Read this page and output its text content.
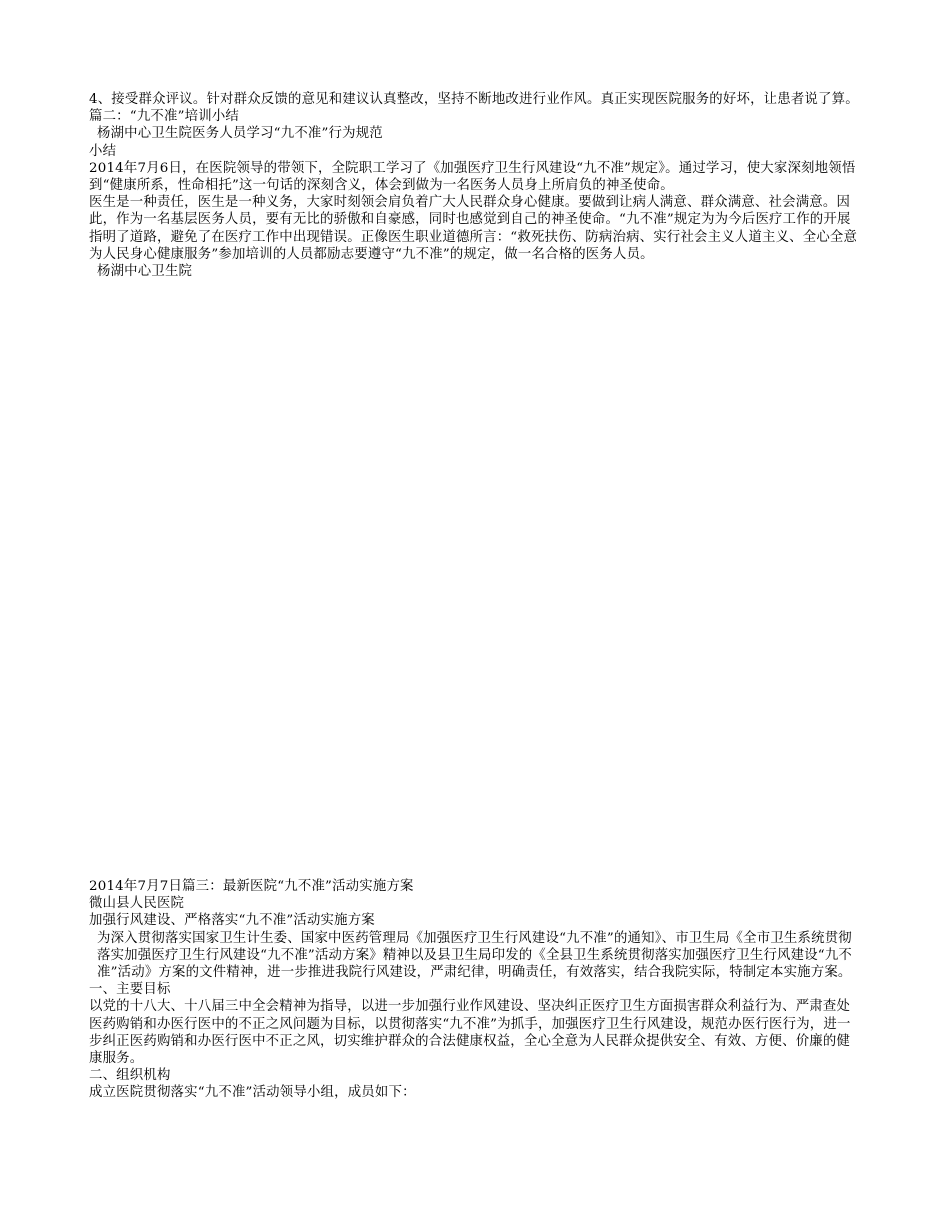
4、接受群众评议。针对群众反馈的意见和建议认真整改，坚持不断地改进行业作风。真正实现医院服务的好坏，让患者说了算。篇二：“九不准”培训小结

杨湖中心卫生院医务人员学习“九不准”行为规范

小结

2014年7月6日，在医院领导的带领下，全院职工学习了《加强医疗卫生行风建设“九不准”规定》。通过学习，使大家深刻地领悟到“健康所系，性命相托”这一句话的深刻含义，体会到做为一名医务人员身上所肩负的神圣使命。

医生是一种责任，医生是一种义务，大家时刻领会肩负着广大人民群众身心健康。要做到让病人满意、群众满意、社会满意。因此，作为一名基层医务人员，要有无比的骄傲和自豪感，同时也感觉到自己的神圣使命。“九不准”规定为为今后医疗工作的开展指明了道路，避免了在医疗工作中出现错误。正像医生职业道德所言：“救死扶伤、防病治病、实行社会主义人道主义、全心全意为人民身心健康服务”参加培训的人员都励志要遵守“九不准”的规定，做一名合格的医务人员。

杨湖中心卫生院

2014年7月7日篇三：最新医院“九不准”活动实施方案

微山县人民医院

加强行风建设、严格落实“九不准”活动实施方案

为深入贯彻落实国家卫生计生委、国家中医药管理局《加强医疗卫生行风建设“九不准”的通知》、市卫生局《全市卫生系统贯彻落实加强医疗卫生行风建设“九不准”活动方案》精神以及县卫生局印发的《全县卫生系统贯彻落实加强医疗卫生行风建设“九不准”活动》方案的文件精神，进一步推进我院行风建设，严肃纪律，明确责任，有效落实，结合我院实际，特制定本实施方案。

一、主要目标

以党的十八大、十八届三中全会精神为指导，以进一步加强行业作风建设、坚决纠正医疗卫生方面损害群众利益行为、严肃查处医药购销和办医行医中的不正之风问题为目标，以贯彻落实“九不准”为抓手，加强医疗卫生行风建设，规范办医行医行为，进一步纠正医药购销和办医行医中不正之风，切实维护群众的合法健康权益，全心全意为人民群众提供安全、有效、方便、价廉的健康服务。

二、组织机构

成立医院贯彻落实“九不准”活动领导小组，成员如下：
